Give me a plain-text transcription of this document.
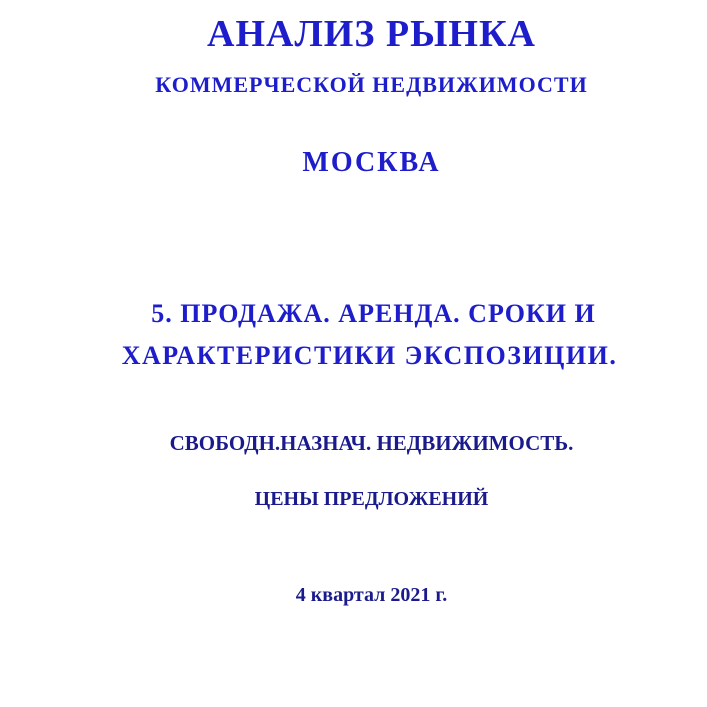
АНАЛИЗ РЫНКА
КОММЕРЧЕСКОЙ НЕДВИЖИМОСТИ
МОСКВА
5. ПРОДАЖА. АРЕНДА. СРОКИ И
ХАРАКТЕРИСТИКИ ЭКСПОЗИЦИИ.
СВОБОДН.НАЗНАЧ. НЕДВИЖИМОСТЬ.
ЦЕНЫ ПРЕДЛОЖЕНИЙ
4 квартал 2021 г.
